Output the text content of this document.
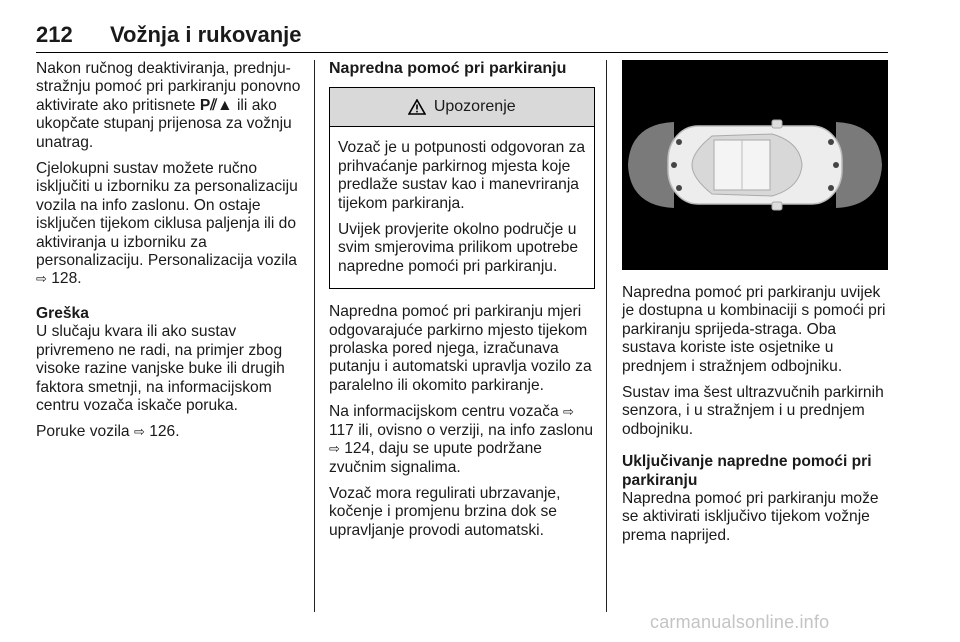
212 Vožnja i rukovanje

Nakon ručnog deaktiviranja, prednju-stražnju pomoć pri parkiranju ponovno aktivirate ako pritisnete P⫽▲ ili ako ukopčate stupanj prijenosa za vožnju unatrag.

Cjelokupni sustav možete ručno isključiti u izborniku za personalizaciju vozila na info zaslonu. On ostaje isključen tijekom ciklusa paljenja ili do aktiviranja u izborniku za personalizaciju. Personalizacija vozila ⇨ 128.

Greška

U slučaju kvara ili ako sustav privremeno ne radi, na primjer zbog visoke razine vanjske buke ili drugih faktora smetnji, na informacijskom centru vozača iskače poruka.

Poruke vozila ⇨ 126.

Napredna pomoć pri parkiranju
Upozorenje

Vozač je u potpunosti odgovoran za prihvaćanje parkirnog mjesta koje predlaže sustav kao i manevriranja tijekom parkiranja.

Uvijek provjerite okolno područje u svim smjerovima prilikom upotrebe napredne pomoći pri parkiranju.

Napredna pomoć pri parkiranju mjeri odgovarajuće parkirno mjesto tijekom prolaska pored njega, izračunava putanju i automatski upravlja vozilo za paralelno ili okomito parkiranje.

Na informacijskom centru vozača ⇨ 117 ili, ovisno o verziji, na info zaslonu ⇨ 124, daju se upute podržane zvučnim signalima.

Vozač mora regulirati ubrzavanje, kočenje i promjenu brzina dok se upravljanje provodi automatski.

Napredna pomoć pri parkiranju uvijek je dostupna u kombinaciji s pomoći pri parkiranju sprijeda-straga. Oba sustava koriste iste osjetnike u prednjem i stražnjem odbojniku.

Sustav ima šest ultrazvučnih parkirnih senzora, i u stražnjem i u prednjem odbojniku.

Uključivanje napredne pomoći pri parkiranju

Napredna pomoć pri parkiranju može se aktivirati isključivo tijekom vožnje prema naprijed.

carmanualsonline.info
